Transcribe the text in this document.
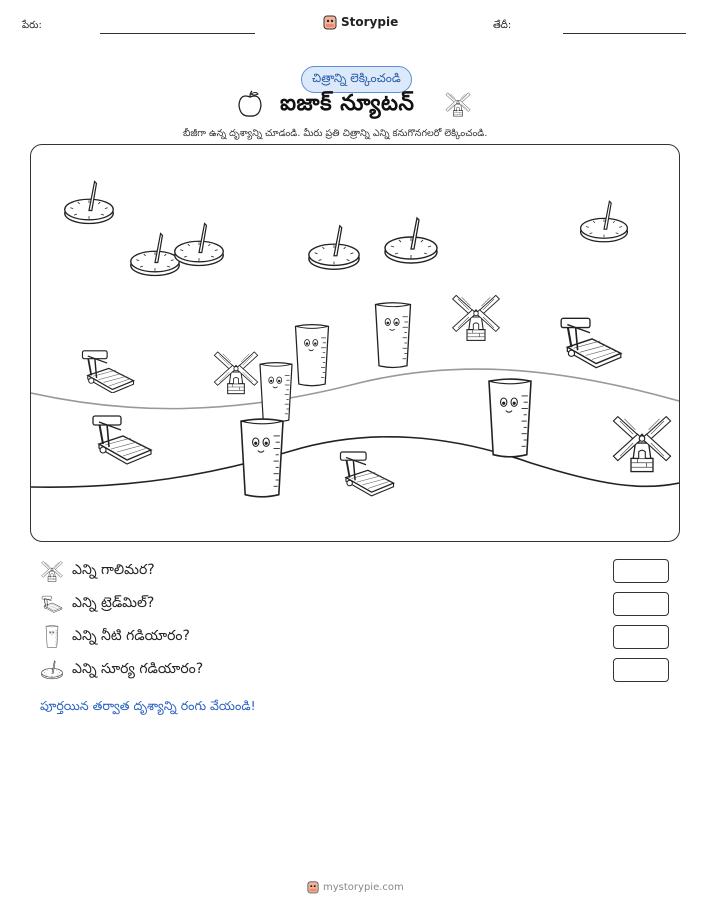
పేరు:	Storypie	తేదీ:
చిత్రాన్ని లెక్కించండి
ఐజాక్ న్యూటన్
బీజీగా ఉన్న దృశ్యాన్ని చూడండి. మీరు ప్రతి చిత్రాన్ని ఎన్ని కనుగొనగలరో లెక్కించండి.
ఎన్ని గాలిమర?
ఎన్ని ట్రెడ్‌మిల్?
ఎన్ని నీటి గడియారం?
ఎన్ని సూర్య గడియారం?
పూర్తయిన తర్వాత దృశ్యాన్ని రంగు వేయండి!
mystorypie.com
